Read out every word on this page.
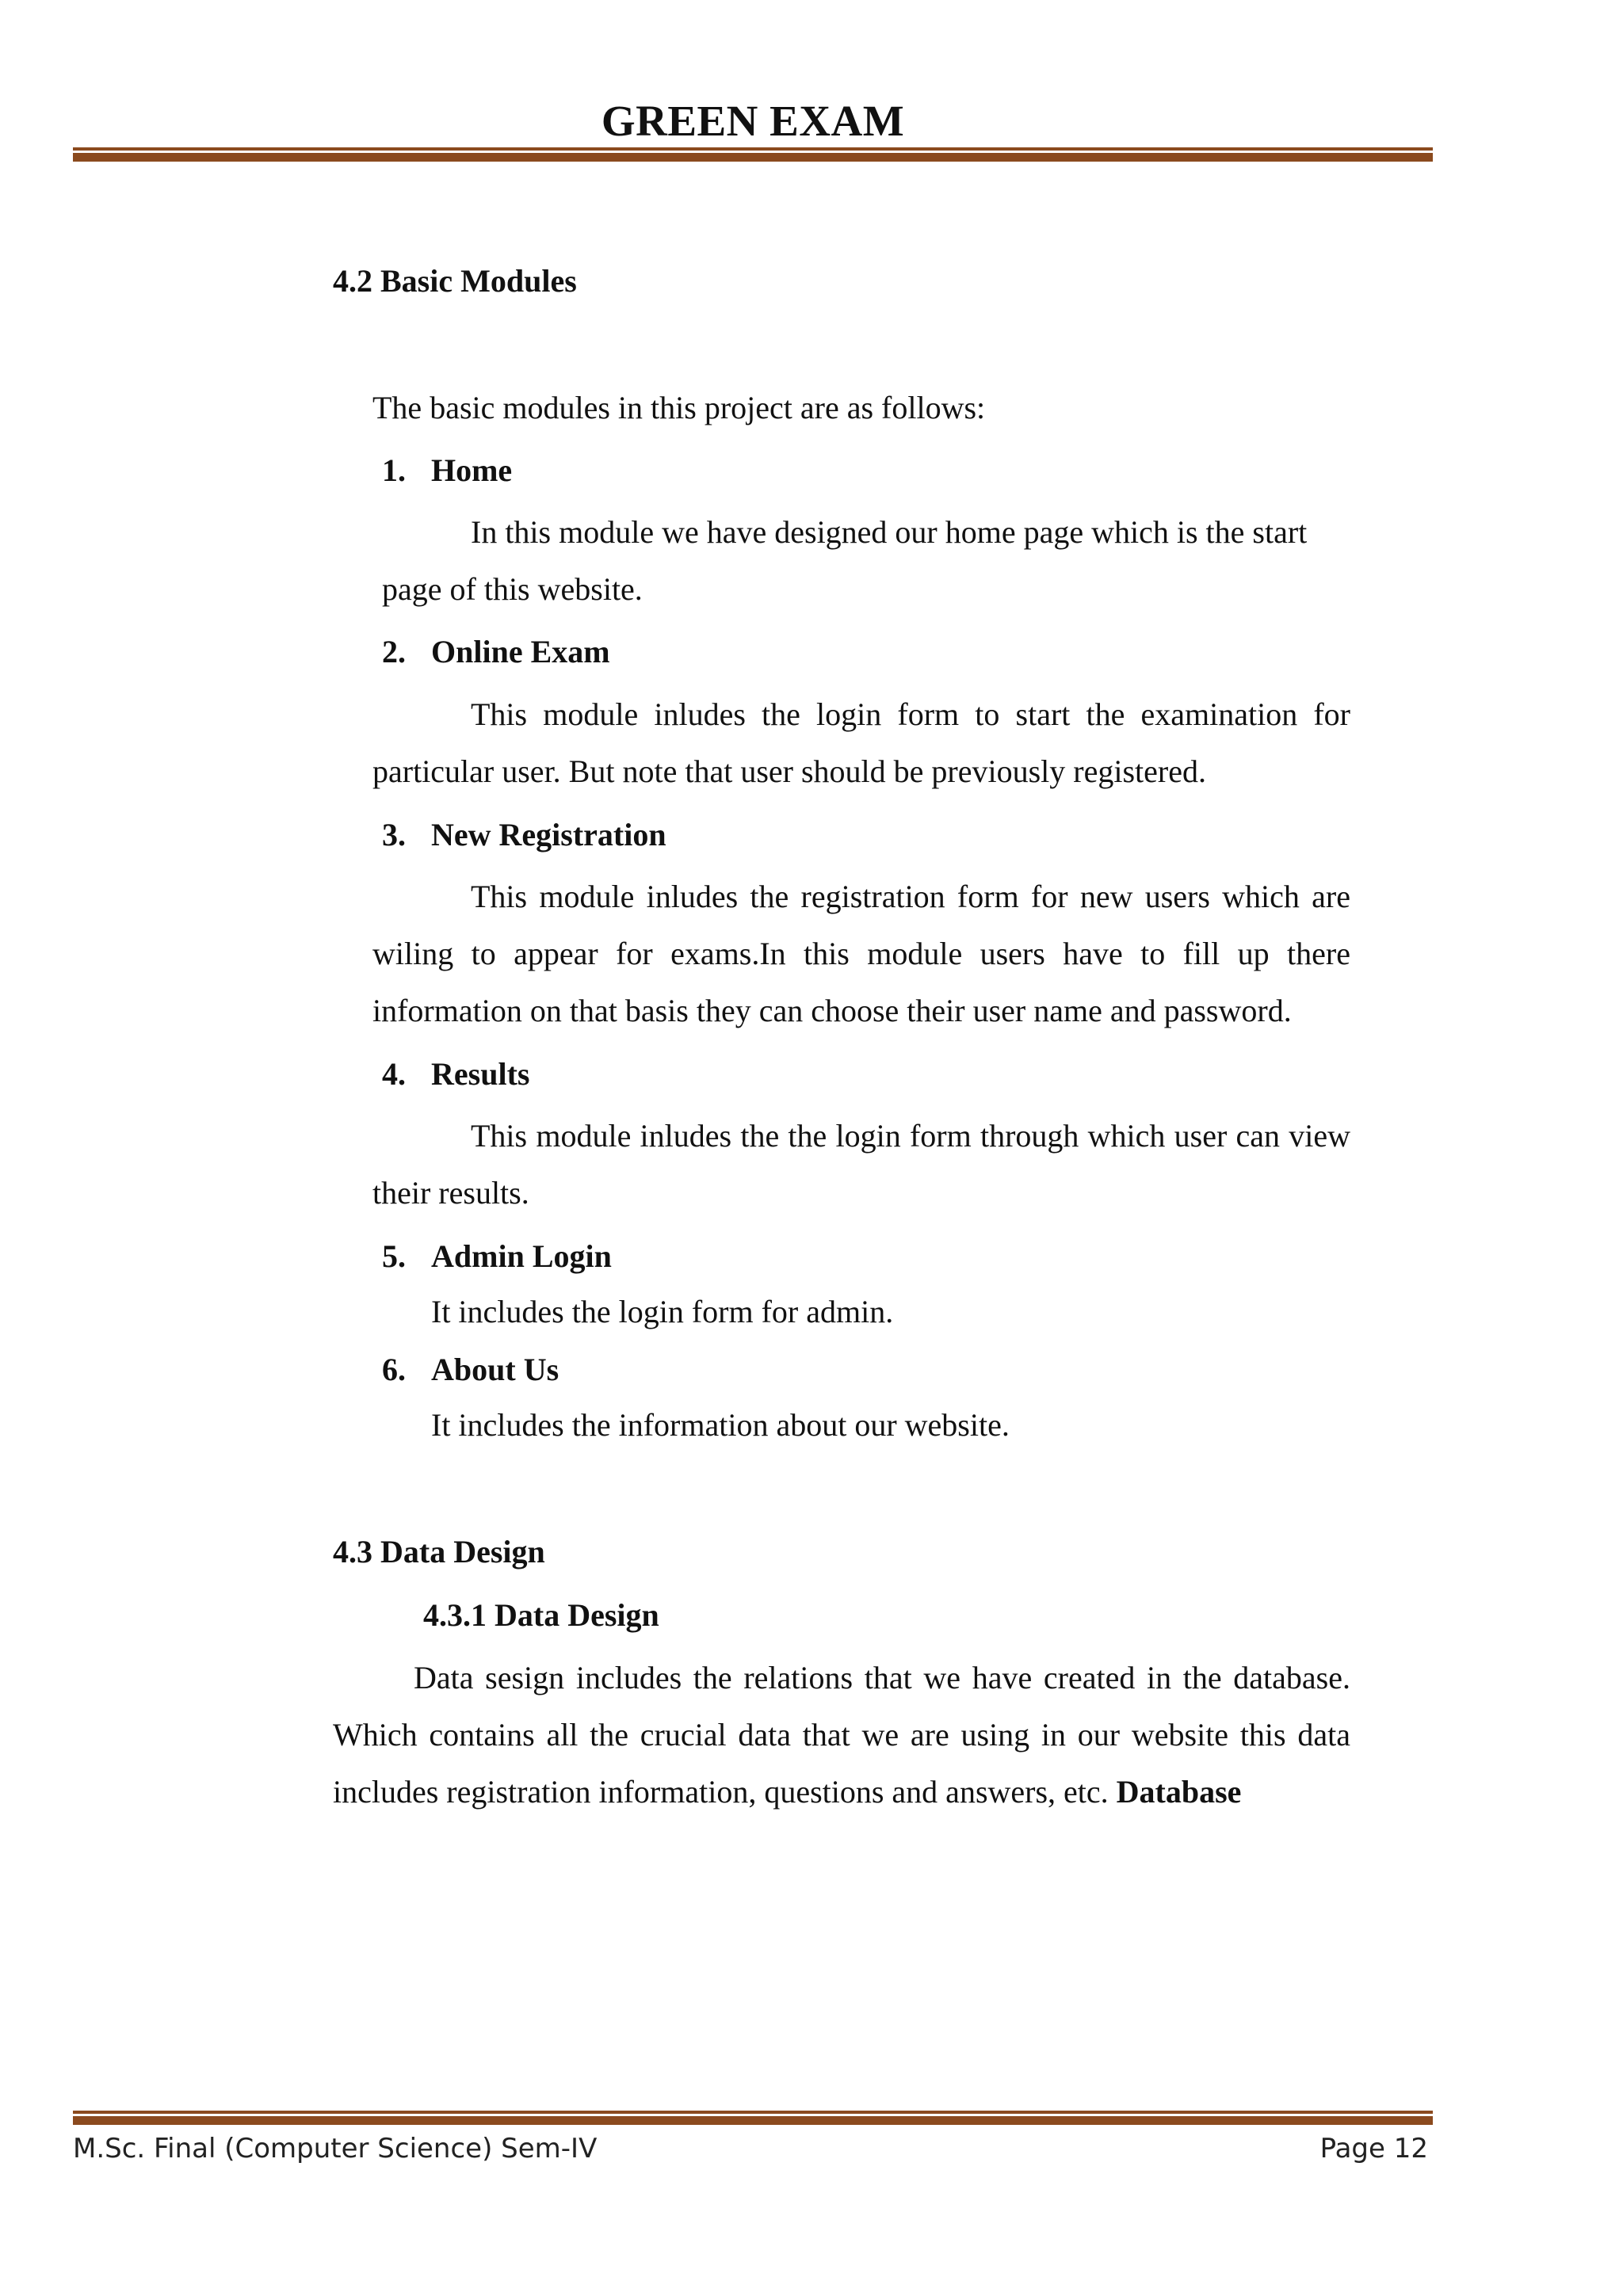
GREEN EXAM
4.2 Basic Modules
The basic modules in this project are as follows:
1. Home
In this module we have designed our home page which is the start
page of this website.
2. Online Exam
This module inludes the login form to start the examination for particular user. But note that user should be previously registered.
3. New Registration
This module inludes the registration form for new users which are wiling to appear for exams.In this module users have to fill up there information on that basis they can choose their user name and password.
4. Results
This module inludes the the login form through which user can view their results.
5. Admin Login
It includes the login form for admin.
6. About Us
It includes the information about our website.
4.3 Data Design
4.3.1 Data Design
Data sesign includes the relations that we have created in the database. Which contains all the crucial data that we are using in our website this data includes registration information, questions and answers, etc. Database
M.Sc. Final (Computer Science) Sem-IV	Page 12
